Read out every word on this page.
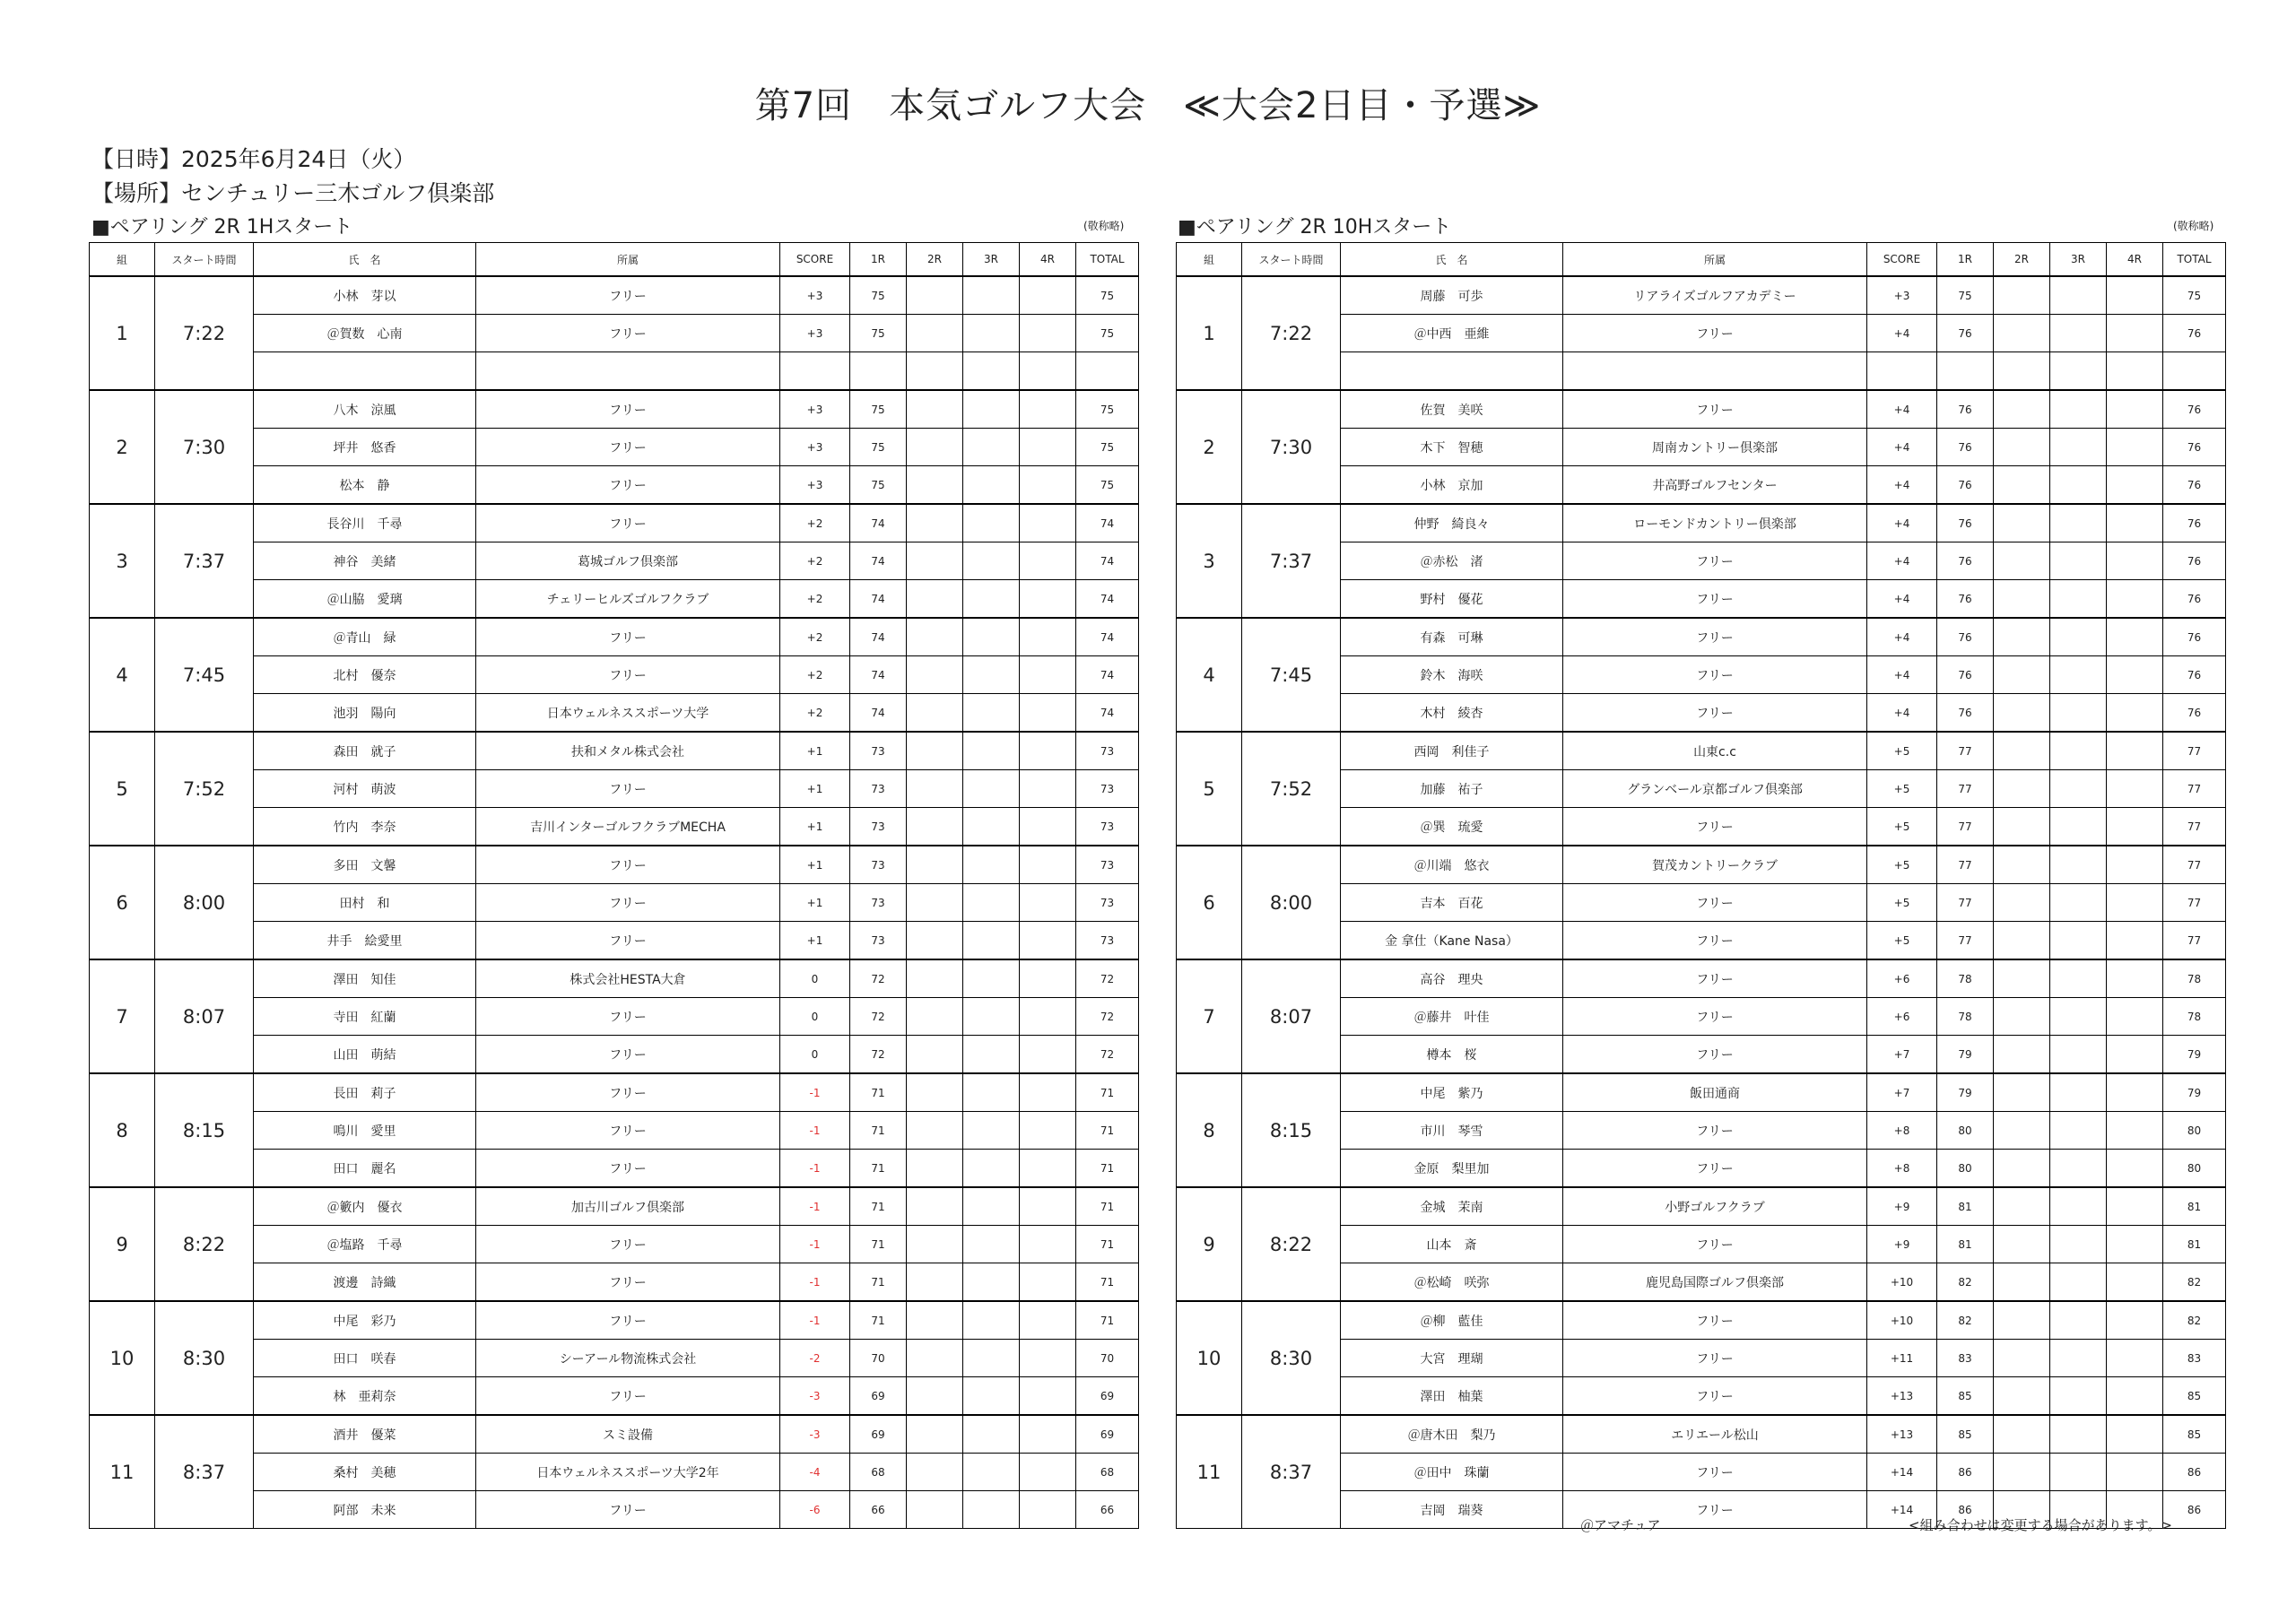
第7回　本気ゴルフ大会　≪大会2日目・予選≫
【日時】2025年6月24日（火）
【場所】センチュリー三木ゴルフ倶楽部
■ペアリング 2R 1Hスタート	(敬称略)
組	スタート時間	氏　名	所属	SCORE	1R	2R	3R	4R	TOTAL
1	7:22	小林　芽以	フリー	+3	75				75
		＠賀数　心南	フリー	+3	75				75

2	7:30	八木　涼風	フリー	+3	75				75
		坪井　悠香	フリー	+3	75				75
		松本　静	フリー	+3	75				75
3	7:37	長谷川　千尋	フリー	+2	74				74
		神谷　美緒	葛城ゴルフ倶楽部	+2	74				74
		＠山脇　愛璃	チェリーヒルズゴルフクラブ	+2	74				74
4	7:45	＠青山　緑	フリー	+2	74				74
		北村　優奈	フリー	+2	74				74
		池羽　陽向	日本ウェルネススポーツ大学	+2	74				74
5	7:52	森田　就子	扶和メタル株式会社	+1	73				73
		河村　萌波	フリー	+1	73				73
		竹内　李奈	吉川インターゴルフクラブMECHA	+1	73				73
6	8:00	多田　文馨	フリー	+1	73				73
		田村　和	フリー	+1	73				73
		井手　絵愛里	フリー	+1	73				73
7	8:07	澤田　知佳	株式会社HESTA大倉	0	72				72
		寺田　紅蘭	フリー	0	72				72
		山田　萌結	フリー	0	72				72
8	8:15	長田　莉子	フリー	-1	71				71
		鳴川　愛里	フリー	-1	71				71
		田口　麗名	フリー	-1	71				71
9	8:22	＠籔内　優衣	加古川ゴルフ倶楽部	-1	71				71
		＠塩路　千尋	フリー	-1	71				71
		渡邊　詩織	フリー	-1	71				71
10	8:30	中尾　彩乃	フリー	-1	71				71
		田口　咲春	シーアール物流株式会社	-2	70				70
		林　亜莉奈	フリー	-3	69				69
11	8:37	酒井　優菜	スミ設備	-3	69				69
		桑村　美穂	日本ウェルネススポーツ大学2年	-4	68				68
		阿部　未来	フリー	-6	66				66
■ペアリング 2R 10Hスタート	(敬称略)
組	スタート時間	氏　名	所属	SCORE	1R	2R	3R	4R	TOTAL
1	7:22	周藤　可歩	リアライズゴルフアカデミー	+3	75				75
		＠中西　亜維	フリー	+4	76				76

2	7:30	佐賀　美咲	フリー	+4	76				76
		木下　智穂	周南カントリー倶楽部	+4	76				76
		小林　京加	井高野ゴルフセンター	+4	76				76
3	7:37	仲野　綺良々	ローモンドカントリー倶楽部	+4	76				76
		＠赤松　渚	フリー	+4	76				76
		野村　優花	フリー	+4	76				76
4	7:45	有森　可琳	フリー	+4	76				76
		鈴木　海咲	フリー	+4	76				76
		木村　綾杏	フリー	+4	76				76
5	7:52	西岡　利佳子	山東c.c	+5	77				77
		加藤　祐子	グランベール京都ゴルフ倶楽部	+5	77				77
		＠巽　琉愛	フリー	+5	77				77
6	8:00	＠川端　悠衣	賀茂カントリークラブ	+5	77				77
		吉本　百花	フリー	+5	77				77
		金 拿仕（Kane Nasa）	フリー	+5	77				77
7	8:07	高谷　理央	フリー	+6	78				78
		＠藤井　叶佳	フリー	+6	78				78
		樽本　桜	フリー	+7	79				79
8	8:15	中尾　紫乃	飯田通商	+7	79				79
		市川　琴雪	フリー	+8	80				80
		金原　梨里加	フリー	+8	80				80
9	8:22	金城　茉南	小野ゴルフクラブ	+9	81				81
		山本　斎	フリー	+9	81				81
		＠松崎　咲弥	鹿児島国際ゴルフ倶楽部	+10	82				82
10	8:30	＠柳　藍佳	フリー	+10	82				82
		大宮　理瑚	フリー	+11	83				83
		澤田　柚葉	フリー	+13	85				85
11	8:37	＠唐木田　梨乃	エリエール松山	+13	85				85
		＠田中　珠蘭	フリー	+14	86				86
		吉岡　瑞葵	フリー	+14	86				86
＠アマチュア	<組み合わせは変更する場合があります。>
